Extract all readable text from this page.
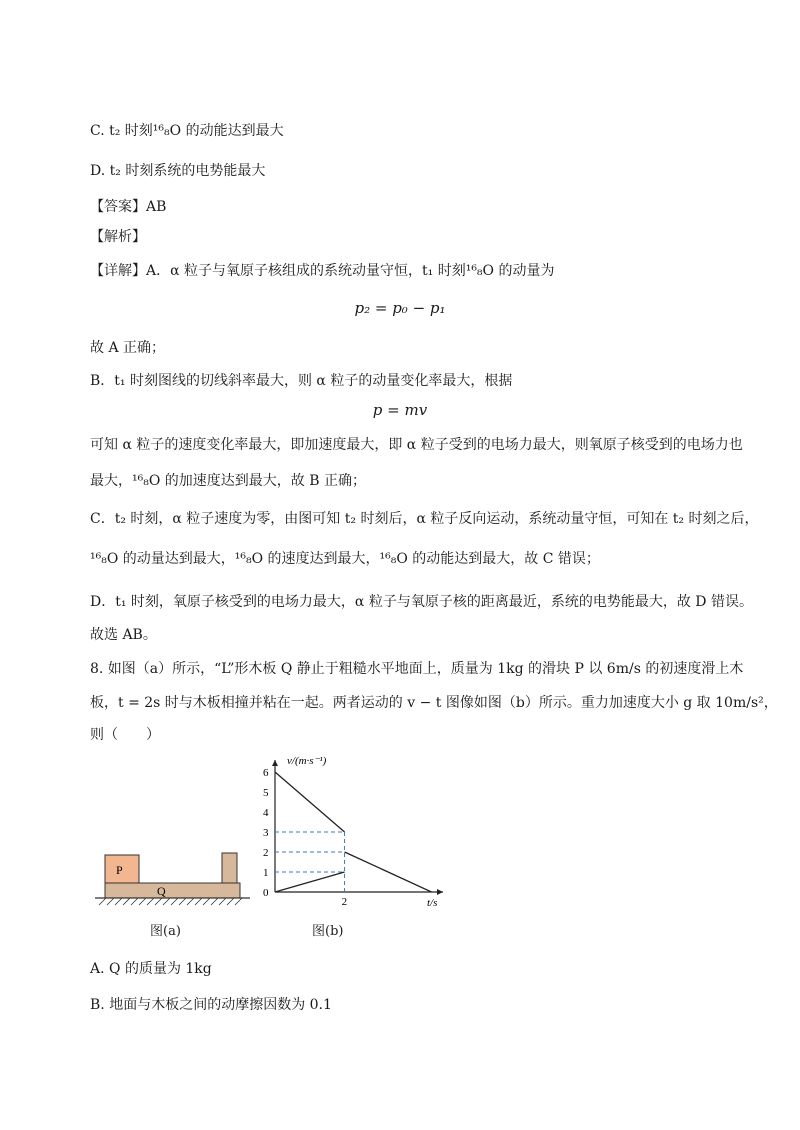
C. t₂ 时刻¹⁶₈O 的动能达到最大
D. t₂ 时刻系统的电势能最大
【答案】AB
【解析】
【详解】A．α 粒子与氧原子核组成的系统动量守恒，t₁ 时刻¹⁶₈O 的动量为
p₂ = p₀ − p₁
故 A 正确；
B．t₁ 时刻图线的切线斜率最大，则 α 粒子的动量变化率最大，根据
p = mv
可知 α 粒子的速度变化率最大，即加速度最大，即 α 粒子受到的电场力最大，则氧原子核受到的电场力也
最大，¹⁶₈O 的加速度达到最大，故 B 正确；
C．t₂ 时刻，α 粒子速度为零，由图可知 t₂ 时刻后，α 粒子反向运动，系统动量守恒，可知在 t₂ 时刻之后，
¹⁶₈O 的动量达到最大，¹⁶₈O 的速度达到最大，¹⁶₈O 的动能达到最大，故 C 错误；
D．t₁ 时刻，氧原子核受到的电场力最大，α 粒子与氧原子核的距离最近，系统的电势能最大，故 D 错误。
故选 AB。
8. 如图（a）所示，“L”形木板 Q 静止于粗糙水平地面上，质量为 1kg 的滑块 P 以 6m/s 的初速度滑上木
板，t = 2s 时与木板相撞并粘在一起。两者运动的 v − t 图像如图（b）所示。重力加速度大小 g 取 10m/s²，
则（　　）
P
Q
图(a)
0
1
2
3
4
5
6
2
v/(m·s⁻¹)
t/s
图(b)
A. Q 的质量为 1kg
B. 地面与木板之间的动摩擦因数为 0.1
